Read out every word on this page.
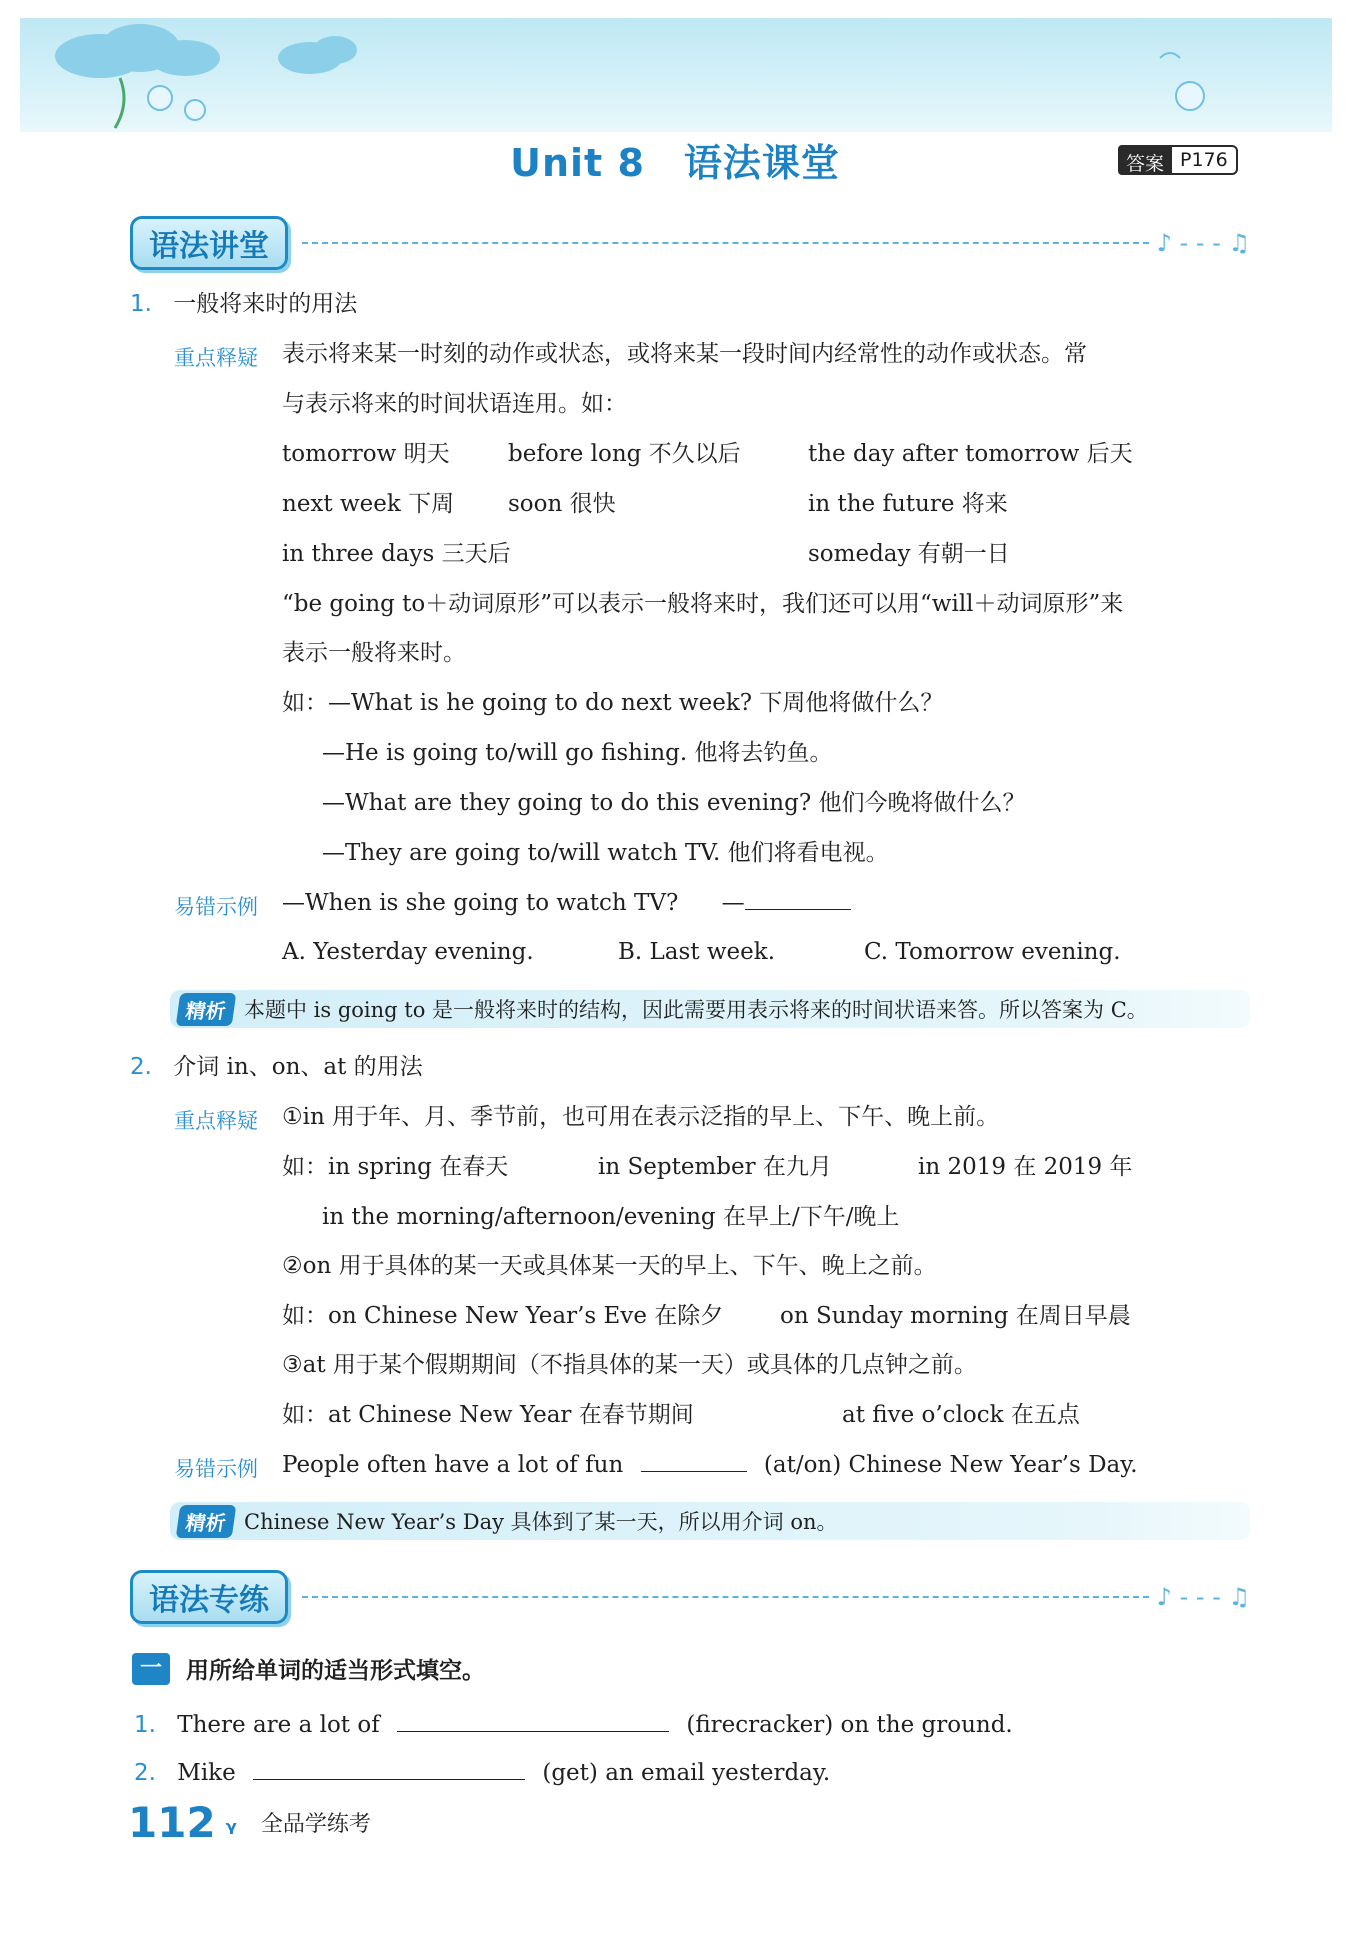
Unit 8　语法课堂	答案 P176
语法讲堂	♪ - - - ♫
1. 一般将来时的用法
重点释疑 表示将来某一时刻的动作或状态，或将来某一段时间内经常性的动作或状态。常
与表示将来的时间状语连用。如：
tomorrow 明天	before long 不久以后	the day after tomorrow 后天
next week 下周 soon 很快	in the future 将来
in three days 三天后	someday 有朝一日
“be going to＋动词原形”可以表示一般将来时，我们还可以用“will＋动词原形”来
表示一般将来时。
如：—What is he going to do next week? 下周他将做什么？
—He is going to/will go fishing. 他将去钓鱼。
—What are they going to do this evening? 他们今晚将做什么？
—They are going to/will watch TV. 他们将看电视。
易错示例 —When is she going to watch TV? —
A. Yesterday evening.	B. Last week.	C. Tomorrow evening.
精析 本题中 is going to 是一般将来时的结构，因此需要用表示将来的时间状语来答。所以答案为 C。
2. 介词 in、on、at 的用法
重点释疑 ①in 用于年、月、季节前，也可用在表示泛指的早上、下午、晚上前。
如：in spring 在春天	in September 在九月	in 2019 在 2019 年
in the morning/afternoon/evening 在早上/下午/晚上
②on 用于具体的某一天或具体某一天的早上、下午、晚上之前。
如：on Chinese New Year’s Eve 在除夕 on Sunday morning 在周日早晨
③at 用于某个假期期间（不指具体的某一天）或具体的几点钟之前。
如：at Chinese New Year 在春节期间	at five o’clock 在五点
易错示例 People often have a lot of fun	(at/on) Chinese New Year’s Day.
精析 Chinese New Year’s Day 具体到了某一天，所以用介词 on。
语法专练	♪ - - - ♫
一	用所给单词的适当形式填空。
1. There are a lot of	(firecracker) on the ground.
2. Mike	(get) an email yesterday.
112 ᵧ 全品学练考
